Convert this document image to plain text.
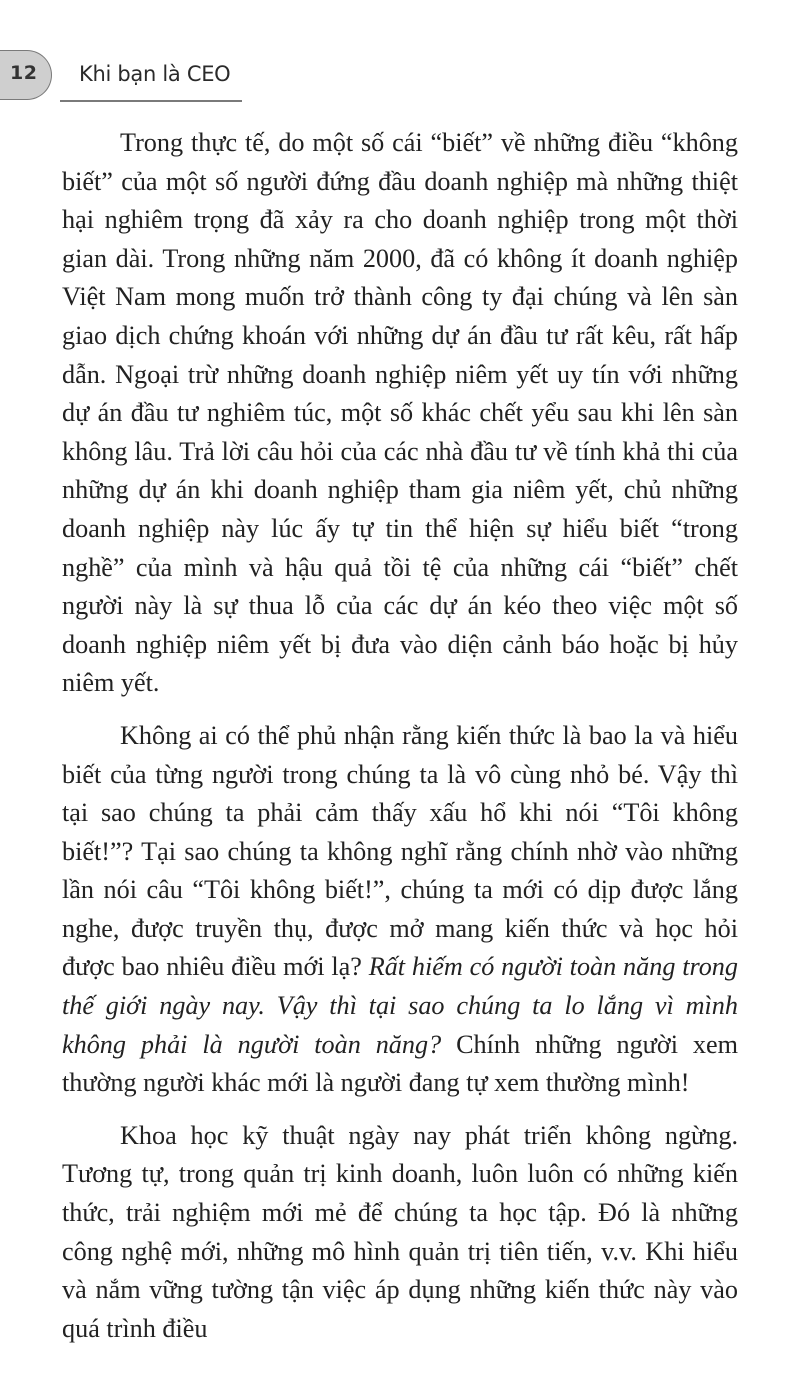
12 Khi bạn là CEO

Trong thực tế, do một số cái “biết” về những điều “không biết” của một số người đứng đầu doanh nghiệp mà những thiệt hại nghiêm trọng đã xảy ra cho doanh nghiệp trong một thời gian dài. Trong những năm 2000, đã có không ít doanh nghiệp Việt Nam mong muốn trở thành công ty đại chúng và lên sàn giao dịch chứng khoán với những dự án đầu tư rất kêu, rất hấp dẫn. Ngoại trừ những doanh nghiệp niêm yết uy tín với những dự án đầu tư nghiêm túc, một số khác chết yểu sau khi lên sàn không lâu. Trả lời câu hỏi của các nhà đầu tư về tính khả thi của những dự án khi doanh nghiệp tham gia niêm yết, chủ những doanh nghiệp này lúc ấy tự tin thể hiện sự hiểu biết “trong nghề” của mình và hậu quả tồi tệ của những cái “biết” chết người này là sự thua lỗ của các dự án kéo theo việc một số doanh nghiệp niêm yết bị đưa vào diện cảnh báo hoặc bị hủy niêm yết.

Không ai có thể phủ nhận rằng kiến thức là bao la và hiểu biết của từng người trong chúng ta là vô cùng nhỏ bé. Vậy thì tại sao chúng ta phải cảm thấy xấu hổ khi nói “Tôi không biết!”? Tại sao chúng ta không nghĩ rằng chính nhờ vào những lần nói câu “Tôi không biết!”, chúng ta mới có dịp được lắng nghe, được truyền thụ, được mở mang kiến thức và học hỏi được bao nhiêu điều mới lạ? Rất hiếm có người toàn năng trong thế giới ngày nay. Vậy thì tại sao chúng ta lo lắng vì mình không phải là người toàn năng? Chính những người xem thường người khác mới là người đang tự xem thường mình!

Khoa học kỹ thuật ngày nay phát triển không ngừng. Tương tự, trong quản trị kinh doanh, luôn luôn có những kiến thức, trải nghiệm mới mẻ để chúng ta học tập. Đó là những công nghệ mới, những mô hình quản trị tiên tiến, v.v. Khi hiểu và nắm vững tường tận việc áp dụng những kiến thức này vào quá trình điều
